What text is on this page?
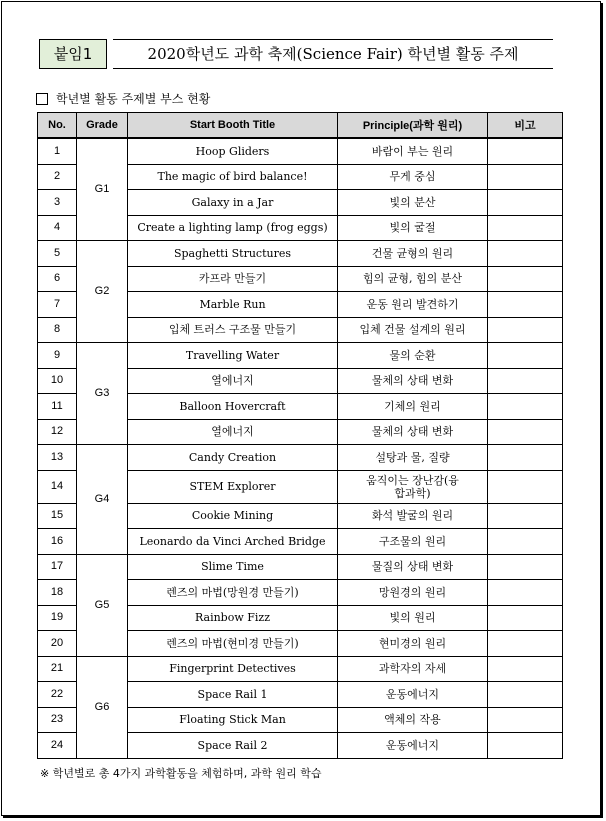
붙임1	2020학년도 과학 축제(Science Fair) 학년별 활동 주제
학년별 활동 주제별 부스 현황
No.	Grade	Start Booth Title	Principle(과학 원리)	비고
1	G1	Hoop Gliders	바람이 부는 원리	
2		The magic of bird balance!	무게 중심	
3		Galaxy in a Jar	빛의 분산	
4		Create a lighting lamp (frog eggs)	빛의 굴절	
5	G2	Spaghetti Structures	건물 균형의 원리	
6		카프라 만들기	힘의 균형, 힘의 분산	
7		Marble Run	운동 원리 발견하기	
8		입체 트러스 구조물 만들기	입체 건물 설계의 원리	
9	G3	Travelling Water	물의 순환	
10		열에너지	물체의 상태 변화	
11		Balloon Hovercraft	기체의 원리	
12		열에너지	물체의 상태 변화	
13	G4	Candy Creation	설탕과 물, 질량	
14		STEM Explorer	움직이는 장난감(융합과학)	
15		Cookie Mining	화석 발굴의 원리	
16		Leonardo da Vinci Arched Bridge	구조물의 원리	
17	G5	Slime Time	물질의 상태 변화	
18		렌즈의 마법(망원경 만들기)	망원경의 원리	
19		Rainbow Fizz	빛의 원리	
20		렌즈의 마법(현미경 만들기)	현미경의 원리	
21	G6	Fingerprint Detectives	과학자의 자세	
22		Space Rail 1	운동에너지	
23		Floating Stick Man	액체의 작용	
24		Space Rail 2	운동에너지	
※ 학년별로 총 4가지 과학활동을 체험하며, 과학 원리 학습
